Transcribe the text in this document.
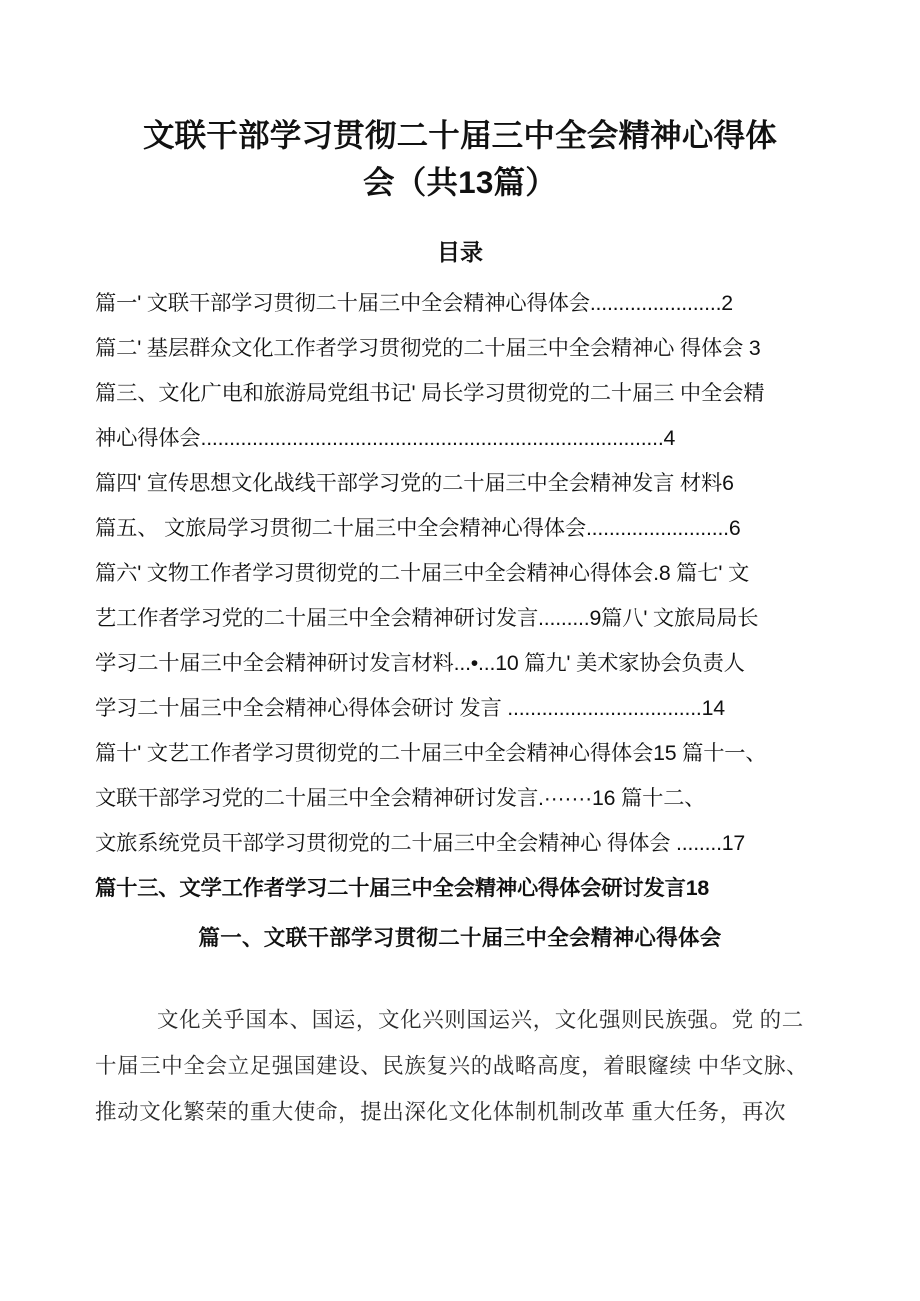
文联干部学习贯彻二十届三中全会精神心得体
会（共13篇）
目录
篇一' 文联干部学习贯彻二十届三中全会精神心得体会.......................2
篇二' 基层群众文化工作者学习贯彻党的二十届三中全会精神心 得体会 3
篇三、文化广电和旅游局党组书记' 局长学习贯彻党的二十届三 中全会精
神心得体会.................................................................................4
篇四' 宣传思想文化战线干部学习党的二十届三中全会精神发言 材料6
篇五、 文旅局学习贯彻二十届三中全会精神心得体会.........................6
篇六' 文物工作者学习贯彻党的二十届三中全会精神心得体会.8 篇七' 文
艺工作者学习党的二十届三中全会精神研讨发言.........9篇八' 文旅局局长
学习二十届三中全会精神研讨发言材料...•...10 篇九' 美术家协会负责人
学习二十届三中全会精神心得体会研讨 发言 ..................................14
篇十' 文艺工作者学习贯彻党的二十届三中全会精神心得体会15 篇十一、
文联干部学习党的二十届三中全会精神研讨发言.·······16 篇十二、
文旅系统党员干部学习贯彻党的二十届三中全会精神心 得体会 ........17
篇十三、文学工作者学习二十届三中全会精神心得体会研讨发言18
篇一、文联干部学习贯彻二十届三中全会精神心得体会
文化关乎国本、国运，文化兴则国运兴，文化强则民族强。党 的二
十届三中全会立足强国建设、民族复兴的战略高度，着眼窿续 中华文脉、
推动文化繁荣的重大使命，提出深化文化体制机制改革 重大任务，再次
